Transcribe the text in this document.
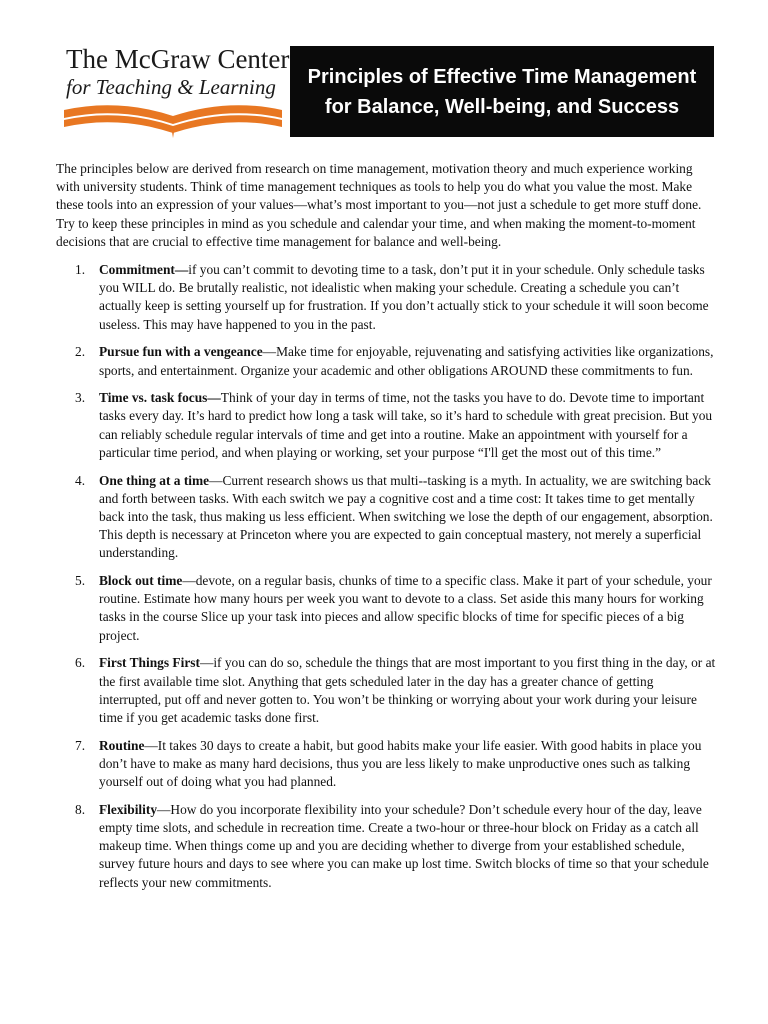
The McGraw Center
for Teaching & Learning	Principles of Effective Time Management
for Balance, Well-being, and Success

The principles below are derived from research on time management, motivation theory and much experience working with university students. Think of time management techniques as tools to help you do what you value the most. Make these tools into an expression of your values—what’s most important to you—not just a schedule to get more stuff done. Try to keep these principles in mind as you schedule and calendar your time, and when making the moment-to-moment decisions that are crucial to effective time management for balance and well-being.

1. Commitment—if you can’t commit to devoting time to a task, don’t put it in your schedule. Only schedule tasks you WILL do. Be brutally realistic, not idealistic when making your schedule. Creating a schedule you can’t actually keep is setting yourself up for frustration. If you don’t actually stick to your schedule it will soon become useless. This may have happened to you in the past.
2. Pursue fun with a vengeance—Make time for enjoyable, rejuvenating and satisfying activities like organizations, sports, and entertainment. Organize your academic and other obligations AROUND these commitments to fun.
3. Time vs. task focus—Think of your day in terms of time, not the tasks you have to do. Devote time to important tasks every day. It’s hard to predict how long a task will take, so it’s hard to schedule with great precision. But you can reliably schedule regular intervals of time and get into a routine. Make an appointment with yourself for a particular time period, and when playing or working, set your purpose “I'll get the most out of this time.”
4. One thing at a time—Current research shows us that multi--tasking is a myth. In actuality, we are switching back and forth between tasks. With each switch we pay a cognitive cost and a time cost: It takes time to get mentally back into the task, thus making us less efficient. When switching we lose the depth of our engagement, absorption. This depth is necessary at Princeton where you are expected to gain conceptual mastery, not merely a superficial understanding.
5. Block out time—devote, on a regular basis, chunks of time to a specific class. Make it part of your schedule, your routine. Estimate how many hours per week you want to devote to a class. Set aside this many hours for working tasks in the course Slice up your task into pieces and allow specific blocks of time for specific pieces of a big project.
6. First Things First—if you can do so, schedule the things that are most important to you first thing in the day, or at the first available time slot. Anything that gets scheduled later in the day has a greater chance of getting interrupted, put off and never gotten to. You won’t be thinking or worrying about your work during your leisure time if you get academic tasks done first.
7. Routine—It takes 30 days to create a habit, but good habits make your life easier. With good habits in place you don’t have to make as many hard decisions, thus you are less likely to make unproductive ones such as talking yourself out of doing what you had planned.
8. Flexibility—How do you incorporate flexibility into your schedule? Don’t schedule every hour of the day, leave empty time slots, and schedule in recreation time. Create a two-hour or three-hour block on Friday as a catch all makeup time. When things come up and you are deciding whether to diverge from your established schedule, survey future hours and days to see where you can make up lost time. Switch blocks of time so that your schedule reflects your new commitments.
